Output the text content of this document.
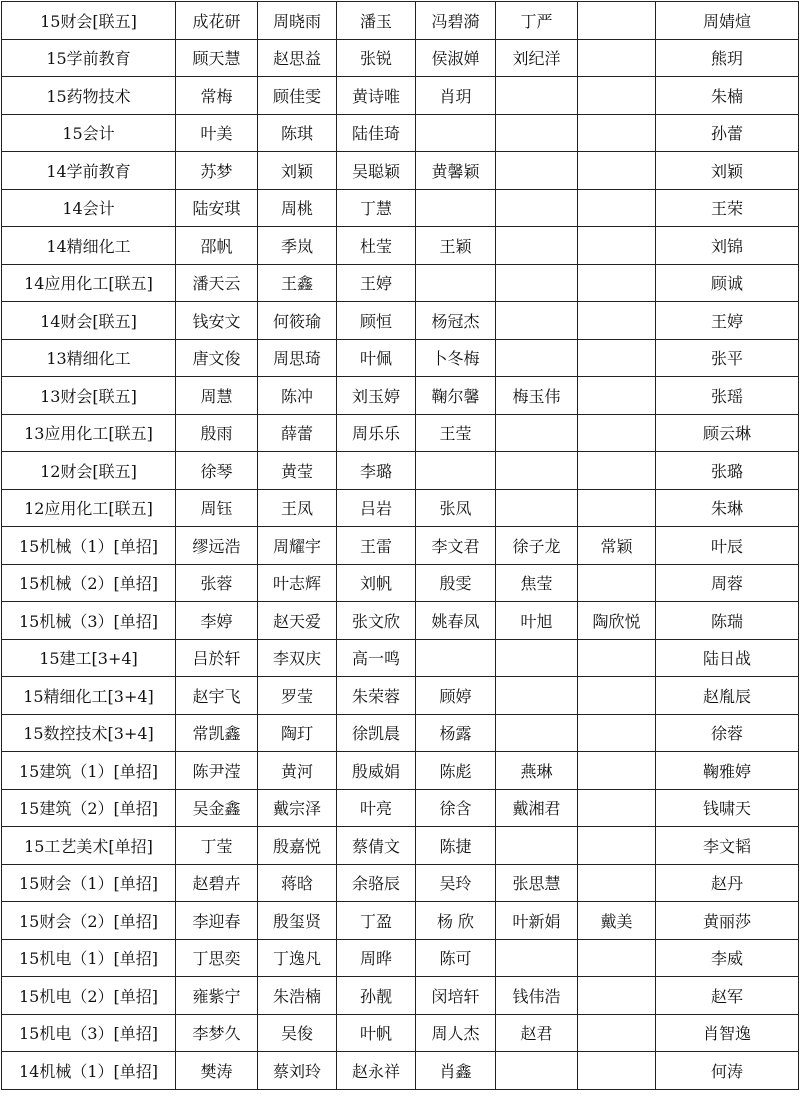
15财会[联五]	成花研	周晓雨	潘玉	冯碧漪	丁严		周婧煊
15学前教育	顾天慧	赵思益	张锐	侯淑婵	刘纪洋		熊玥
15药物技术	常梅	顾佳雯	黄诗唯	肖玥			朱楠
15会计	叶美	陈琪	陆佳琦				孙蕾
14学前教育	苏梦	刘颖	吴聪颖	黄馨颖			刘颖
14会计	陆安琪	周桃	丁慧				王荣
14精细化工	邵帆	季岚	杜莹	王颖			刘锦
14应用化工[联五]	潘天云	王鑫	王婷				顾诚
14财会[联五]	钱安文	何筱瑜	顾恒	杨冠杰			王婷
13精细化工	唐文俊	周思琦	叶佩	卜冬梅			张平
13财会[联五]	周慧	陈冲	刘玉婷	鞠尔馨	梅玉伟		张瑶
13应用化工[联五]	殷雨	薛蕾	周乐乐	王莹			顾云琳
12财会[联五]	徐琴	黄莹	李璐				张璐
12应用化工[联五]	周钰	王凤	吕岩	张凤			朱琳
15机械（1）[单招]	缪远浩	周耀宇	王雷	李文君	徐子龙	常颖	叶辰
15机械（2）[单招]	张蓉	叶志辉	刘帆	殷雯	焦莹		周蓉
15机械（3）[单招]	李婷	赵天爱	张文欣	姚春凤	叶旭	陶欣悦	陈瑞
15建工[3+4]	吕於轩	李双庆	高一鸣				陆日战
15精细化工[3+4]	赵宇飞	罗莹	朱荣蓉	顾婷			赵胤辰
15数控技术[3+4]	常凯鑫	陶玎	徐凯晨	杨露			徐蓉
15建筑（1）[单招]	陈尹滢	黄河	殷威娟	陈彪	燕琳		鞠雅婷
15建筑（2）[单招]	吴金鑫	戴宗泽	叶亮	徐含	戴湘君		钱啸天
15工艺美术[单招]	丁莹	殷嘉悦	蔡倩文	陈捷			李文韬
15财会（1）[单招]	赵碧卉	蒋晗	余骆辰	吴玲	张思慧		赵丹
15财会（2）[单招]	李迎春	殷玺贤	丁盈	杨 欣	叶新娟	戴美	黄丽莎
15机电（1）[单招]	丁思奕	丁逸凡	周晔	陈可			李威
15机电（2）[单招]	雍紫宁	朱浩楠	孙靓	闵培轩	钱伟浩		赵军
15机电（3）[单招]	李梦久	吴俊	叶帆	周人杰	赵君		肖智逸
14机械（1）[单招]	樊涛	蔡刘玲	赵永祥	肖鑫			何涛
